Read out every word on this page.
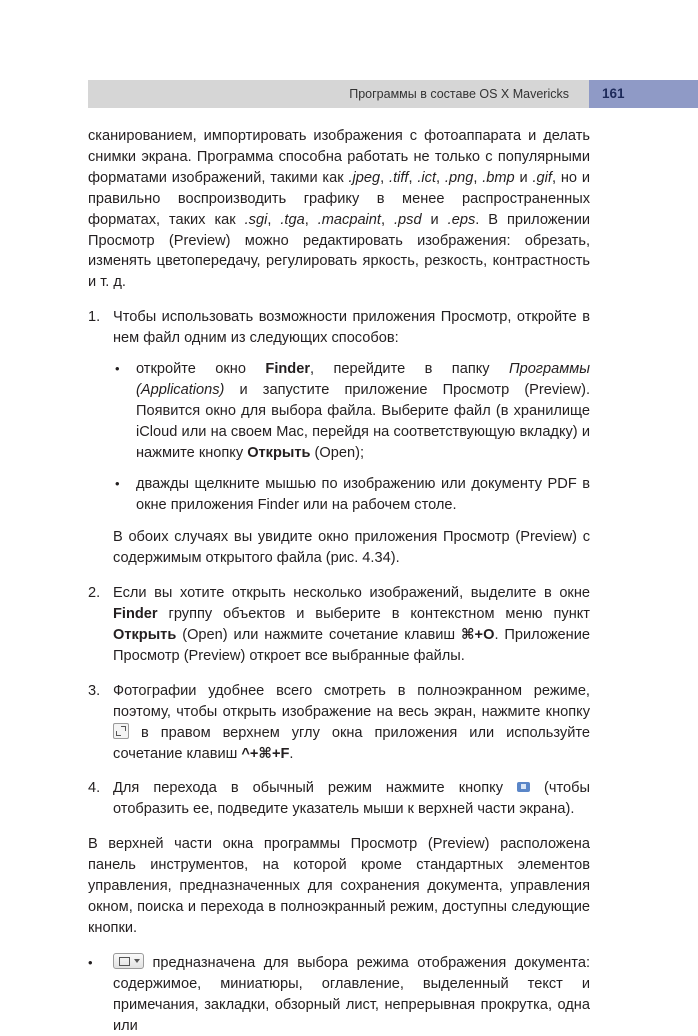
Программы в составе OS X Mavericks 161

сканированием, импортировать изображения с фотоаппарата и делать снимки экрана. Программа способна работать не только с популярными форматами изображений, такими как .jpeg, .tiff, .ict, .png, .bmp и .gif, но и правильно воспроизводить графику в менее распространенных форматах, таких как .sgi, .tga, .macpaint, .psd и .eps. В приложении Просмотр (Preview) можно редактировать изображения: обрезать, изменять цветопередачу, регулировать яркость, резкость, контрастность и т. д.

1. Чтобы использовать возможности приложения Просмотр, откройте в нем файл одним из следующих способов:
• откройте окно Finder, перейдите в папку Программы (Applications) и запустите приложение Просмотр (Preview). Появится окно для выбора файла. Выберите файл (в хранилище iCloud или на своем Mac, перейдя на соответствующую вкладку) и нажмите кнопку Открыть (Open);
• дважды щелкните мышью по изображению или документу PDF в окне приложения Finder или на рабочем столе.
В обоих случаях вы увидите окно приложения Просмотр (Preview) с содержимым открытого файла (рис. 4.34).
2. Если вы хотите открыть несколько изображений, выделите в окне Finder группу объектов и выберите в контекстном меню пункт Открыть (Open) или нажмите сочетание клавиш ⌘+O. Приложение Просмотр (Preview) откроет все выбранные файлы.
3. Фотографии удобнее всего смотреть в полноэкранном режиме, поэтому, чтобы открыть изображение на весь экран, нажмите кнопку  в правом верхнем углу окна приложения или используйте сочетание клавиш ^+⌘+F.
4. Для перехода в обычный режим нажмите кнопку  (чтобы отобразить ее, подведите указатель мыши к верхней части экрана).

В верхней части окна программы Просмотр (Preview) расположена панель инструментов, на которой кроме стандартных элементов управления, предназначенных для сохранения документа, управления окном, поиска и перехода в полноэкранный режим, доступны следующие кнопки.

•	предназначена для выбора режима отображения документа: содержимое, миниатюры, оглавление, выделенный текст и примечания, закладки, обзорный лист, непрерывная прокрутка, одна или
